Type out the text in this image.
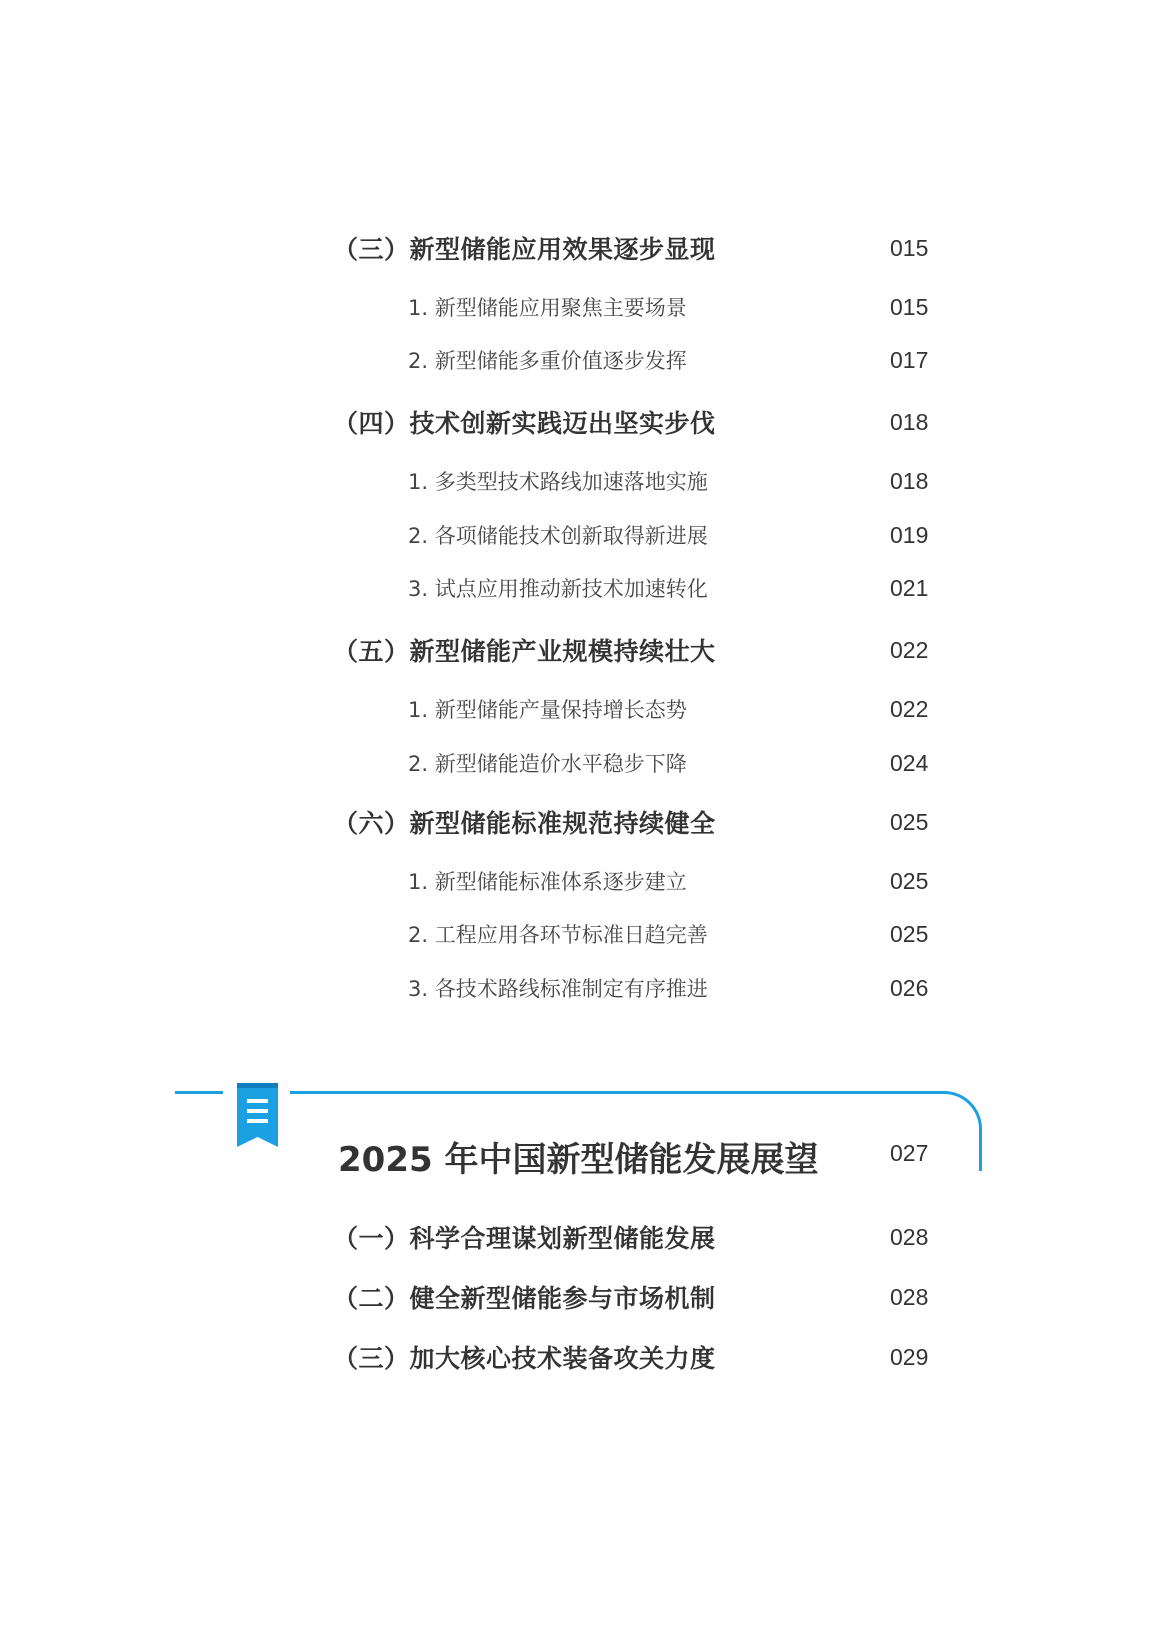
（三）新型储能应用效果逐步显现	015
1. 新型储能应用聚焦主要场景	015
2. 新型储能多重价值逐步发挥	017
（四）技术创新实践迈出坚实步伐	018
1. 多类型技术路线加速落地实施	018
2. 各项储能技术创新取得新进展	019
3. 试点应用推动新技术加速转化	021
（五）新型储能产业规模持续壮大	022
1. 新型储能产量保持增长态势	022
2. 新型储能造价水平稳步下降	024
（六）新型储能标准规范持续健全	025
1. 新型储能标准体系逐步建立	025
2. 工程应用各环节标准日趋完善	025
3. 各技术路线标准制定有序推进	026
2025 年中国新型储能发展展望	027
（一）科学合理谋划新型储能发展	028
（二）健全新型储能参与市场机制	028
（三）加大核心技术装备攻关力度	029
